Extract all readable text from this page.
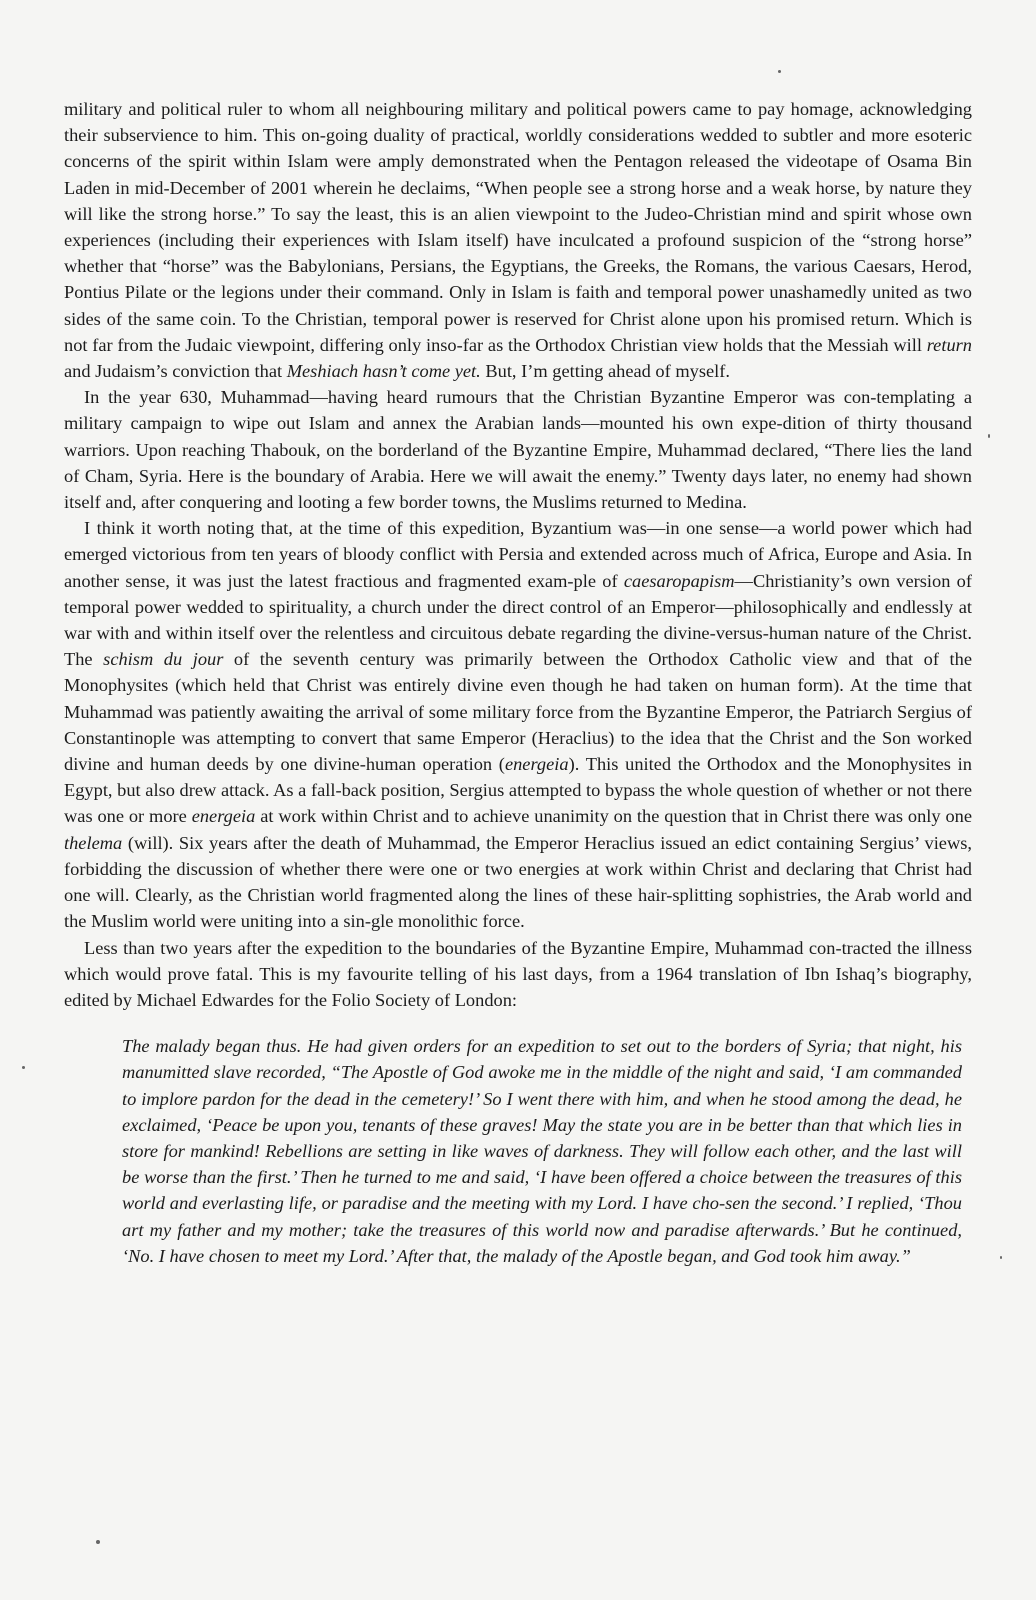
military and political ruler to whom all neighbouring military and political powers came to pay homage, acknowledging their subservience to him. This on-going duality of practical, worldly considerations wedded to subtler and more esoteric concerns of the spirit within Islam were amply demonstrated when the Pentagon released the videotape of Osama Bin Laden in mid-December of 2001 wherein he declaims, “When people see a strong horse and a weak horse, by nature they will like the strong horse.” To say the least, this is an alien viewpoint to the Judeo-Christian mind and spirit whose own experiences (including their experiences with Islam itself) have inculcated a profound suspicion of the “strong horse” whether that “horse” was the Babylonians, Persians, the Egyptians, the Greeks, the Romans, the various Caesars, Herod, Pontius Pilate or the legions under their command. Only in Islam is faith and temporal power unashamedly united as two sides of the same coin. To the Christian, temporal power is reserved for Christ alone upon his promised return. Which is not far from the Judaic viewpoint, differing only inso-far as the Orthodox Christian view holds that the Messiah will return and Judaism’s conviction that Meshiach hasn’t come yet. But, I’m getting ahead of myself.

In the year 630, Muhammad—having heard rumours that the Christian Byzantine Emperor was con-templating a military campaign to wipe out Islam and annex the Arabian lands—mounted his own expe-dition of thirty thousand warriors. Upon reaching Thabouk, on the borderland of the Byzantine Empire, Muhammad declared, “There lies the land of Cham, Syria. Here is the boundary of Arabia. Here we will await the enemy.” Twenty days later, no enemy had shown itself and, after conquering and looting a few border towns, the Muslims returned to Medina.

I think it worth noting that, at the time of this expedition, Byzantium was—in one sense—a world power which had emerged victorious from ten years of bloody conflict with Persia and extended across much of Africa, Europe and Asia. In another sense, it was just the latest fractious and fragmented exam-ple of caesaropapism—Christianity’s own version of temporal power wedded to spirituality, a church under the direct control of an Emperor—philosophically and endlessly at war with and within itself over the relentless and circuitous debate regarding the divine-versus-human nature of the Christ. The schism du jour of the seventh century was primarily between the Orthodox Catholic view and that of the Monophysites (which held that Christ was entirely divine even though he had taken on human form). At the time that Muhammad was patiently awaiting the arrival of some military force from the Byzantine Emperor, the Patriarch Sergius of Constantinople was attempting to convert that same Emperor (Heraclius) to the idea that the Christ and the Son worked divine and human deeds by one divine-human operation (energeia). This united the Orthodox and the Monophysites in Egypt, but also drew attack. As a fall-back position, Sergius attempted to bypass the whole question of whether or not there was one or more energeia at work within Christ and to achieve unanimity on the question that in Christ there was only one thelema (will). Six years after the death of Muhammad, the Emperor Heraclius issued an edict containing Sergius’ views, forbidding the discussion of whether there were one or two energies at work within Christ and declaring that Christ had one will. Clearly, as the Christian world fragmented along the lines of these hair-splitting sophistries, the Arab world and the Muslim world were uniting into a sin-gle monolithic force.

Less than two years after the expedition to the boundaries of the Byzantine Empire, Muhammad con-tracted the illness which would prove fatal. This is my favourite telling of his last days, from a 1964 translation of Ibn Ishaq’s biography, edited by Michael Edwardes for the Folio Society of London:

The malady began thus. He had given orders for an expedition to set out to the borders of Syria; that night, his manumitted slave recorded, “The Apostle of God awoke me in the middle of the night and said, ‘I am commanded to implore pardon for the dead in the cemetery!’ So I went there with him, and when he stood among the dead, he exclaimed, ‘Peace be upon you, tenants of these graves! May the state you are in be better than that which lies in store for mankind! Rebellions are setting in like waves of darkness. They will follow each other, and the last will be worse than the first.’ Then he turned to me and said, ‘I have been offered a choice between the treasures of this world and everlasting life, or paradise and the meeting with my Lord. I have cho-sen the second.’ I replied, ‘Thou art my father and my mother; take the treasures of this world now and paradise afterwards.’ But he continued, ‘No. I have chosen to meet my Lord.’ After that, the malady of the Apostle began, and God took him away.”
